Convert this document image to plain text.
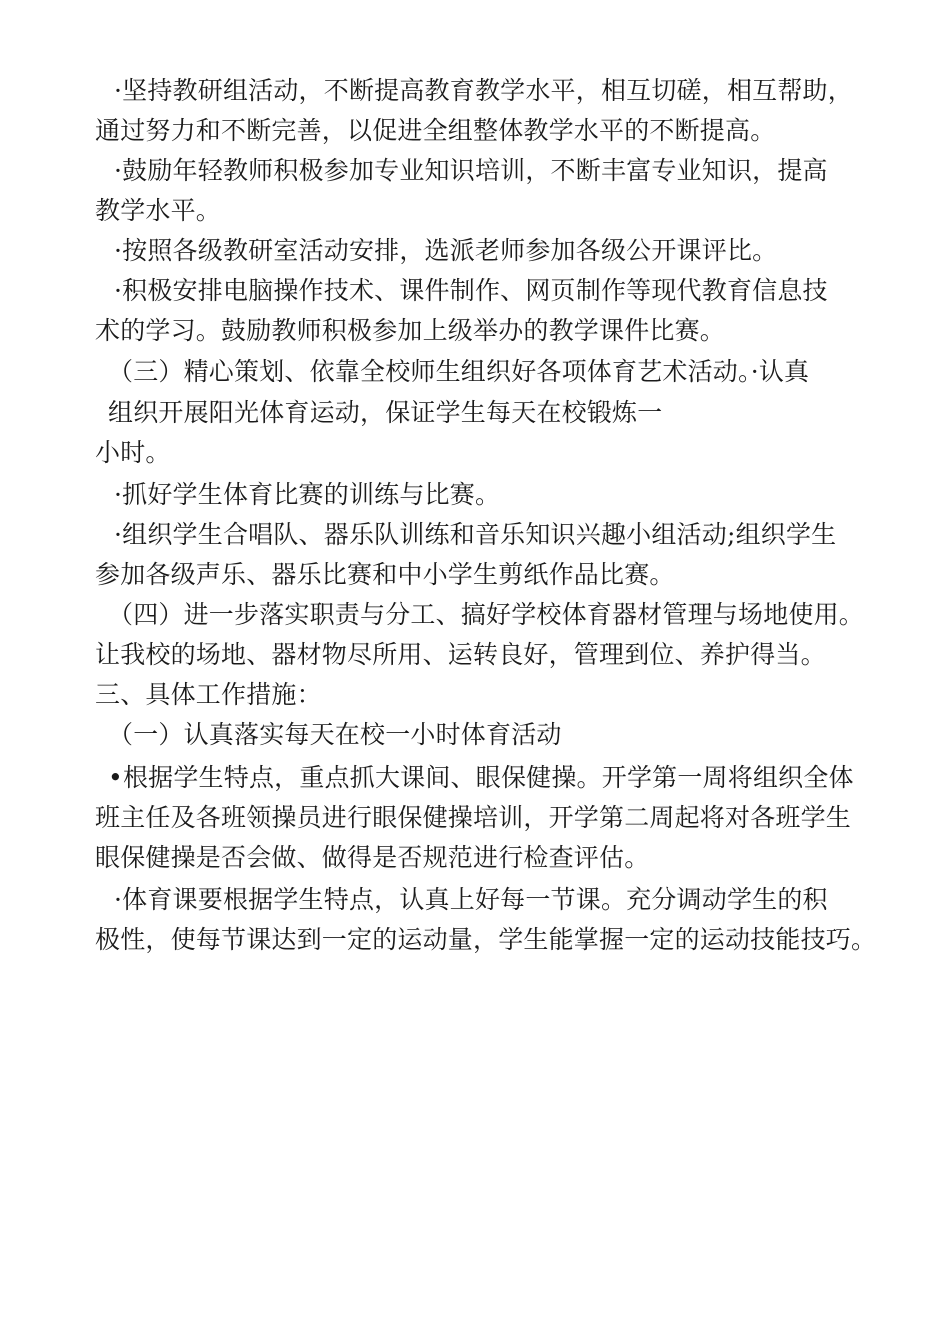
·坚持教研组活动，不断提高教育教学水平，相互切磋，相互帮助，
通过努力和不断完善，以促进全组整体教学水平的不断提高。
·鼓励年轻教师积极参加专业知识培训，不断丰富专业知识，提高
教学水平。
·按照各级教研室活动安排，选派老师参加各级公开课评比。
·积极安排电脑操作技术、课件制作、网页制作等现代教育信息技
术的学习。鼓励教师积极参加上级举办的教学课件比赛。
（三）精心策划、依靠全校师生组织好各项体育艺术活动。·认真
组织开展阳光体育运动，保证学生每天在校锻炼一
小时。
·抓好学生体育比赛的训练与比赛。
·组织学生合唱队、器乐队训练和音乐知识兴趣小组活动;组织学生
参加各级声乐、器乐比赛和中小学生剪纸作品比赛。
（四）进一步落实职责与分工、搞好学校体育器材管理与场地使用。
让我校的场地、器材物尽所用、运转良好，管理到位、养护得当。
三、具体工作措施：
（一）认真落实每天在校一小时体育活动
•根据学生特点，重点抓大课间、眼保健操。开学第一周将组织全体
班主任及各班领操员进行眼保健操培训，开学第二周起将对各班学生
眼保健操是否会做、做得是否规范进行检查评估。
·体育课要根据学生特点，认真上好每一节课。充分调动学生的积
极性，使每节课达到一定的运动量，学生能掌握一定的运动技能技巧。
